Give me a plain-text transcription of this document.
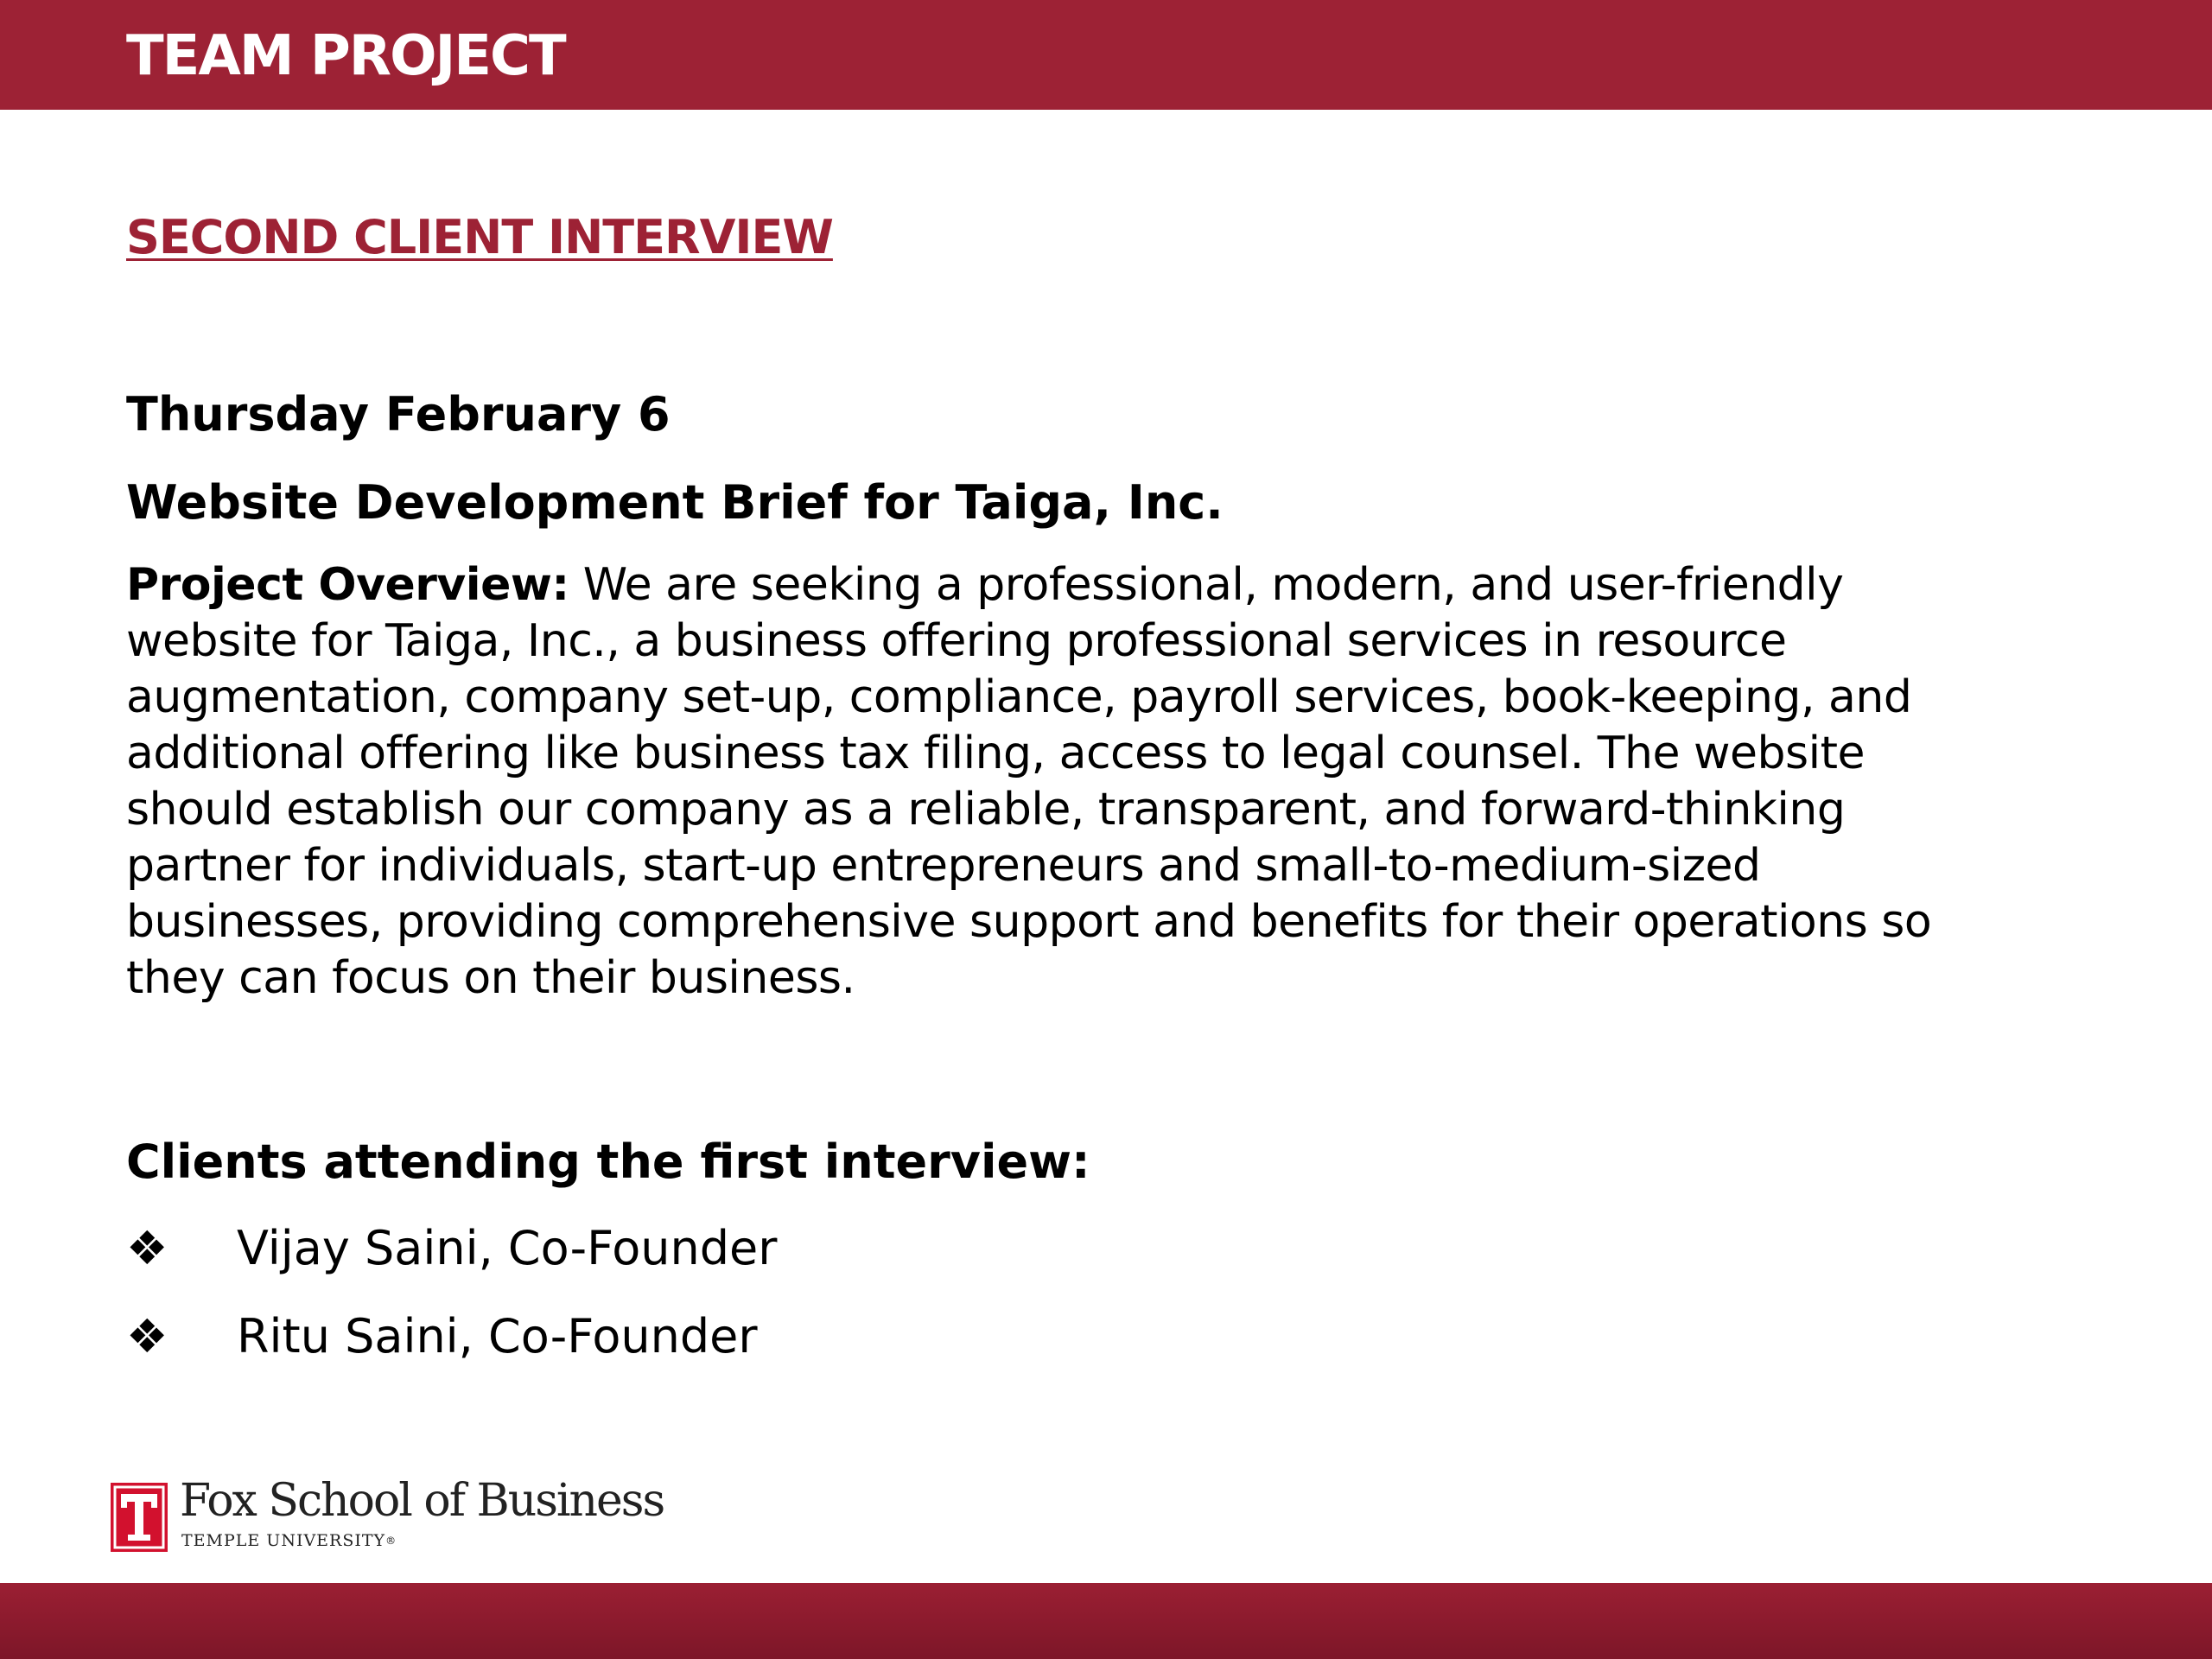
TEAM PROJECT
SECOND CLIENT INTERVIEW
Thursday February 6
Website Development Brief for Taiga, Inc.
Project Overview: We are seeking a professional, modern, and user-friendly
website for Taiga, Inc., a business offering professional services in resource
augmentation, company set-up, compliance, payroll services, book-keeping, and
additional offering like business tax filing, access to legal counsel. The website
should establish our company as a reliable, transparent, and forward-thinking
partner for individuals, start-up entrepreneurs and small-to-medium-sized
businesses, providing comprehensive support and benefits for their operations so
they can focus on their business.
Clients attending the first interview:
❖ Vijay Saini, Co-Founder
❖ Ritu Saini, Co-Founder
Fox School of Business
TEMPLE UNIVERSITY®
